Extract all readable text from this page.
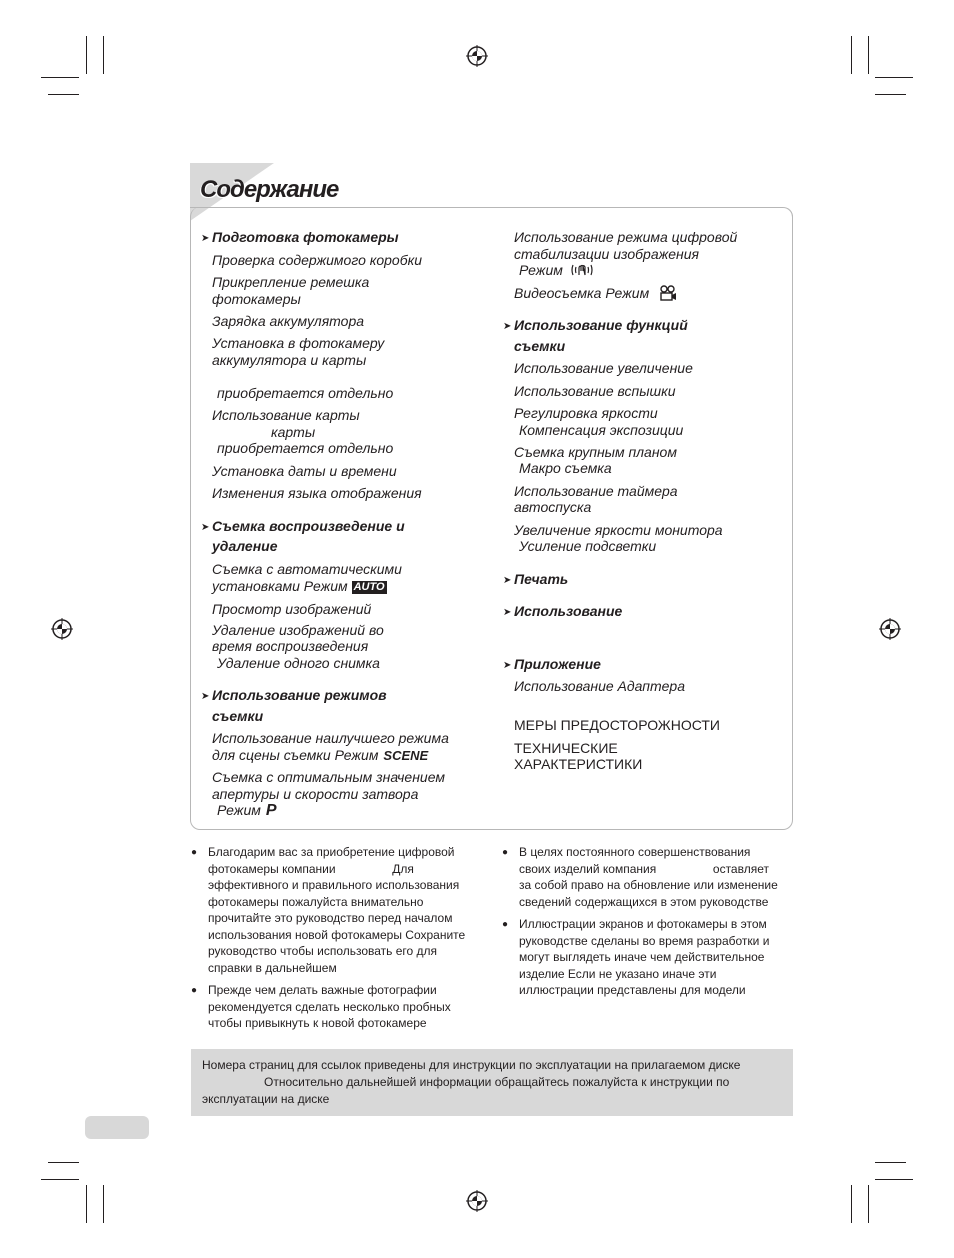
Содержание
➤ Подготовка фотокамеры
Проверка содержимого коробки
Прикрепление ремешка
фотокамеры
Зарядка аккумулятора
Установка в фотокамеру
аккумулятора и карты
приобретается отдельно
Использование карты
карты
приобретается отдельно
Установка даты и времени
Изменения языка отображения
➤ Съемка воспроизведение и
удаление
Съемка с автоматическими
установками Режим AUTO
Просмотр изображений
Удаление изображений во
время воспроизведения
Удаление одного снимка
➤ Использование режимов
съемки
Использование наилучшего режима
для сцены съемки Режим SCENE
Съемка с оптимальным значением
апертуры и скорости затвора
Режим P
Использование режима цифровой
стабилизации изображения
Режим
Видеосъемка Режим
➤ Использование функций
съемки
Использование увеличение
Использование вспышки
Регулировка яркости
Компенсация экспозиции
Съемка крупным планом
Макро съемка
Использование таймера
автоспуска
Увеличение яркости монитора
Усиление подсветки
➤ Печать
➤ Использование
➤ Приложение
Использование Адаптера
МЕРЫ ПРЕДОСТОРОЖНОСТИ
ТЕХНИЧЕСКИЕ
ХАРАКТЕРИСТИКИ
● Благодарим вас за приобретение цифровой
фотокамеры компании                 Для
эффективного и правильного использования
фотокамеры пожалуйста внимательно
прочитайте это руководство перед началом
использования новой фотокамеры Сохраните
руководство чтобы использовать его для
справки в дальнейшем
● Прежде чем делать важные фотографии
рекомендуется сделать несколько пробных
чтобы привыкнуть к новой фотокамере
● В целях постоянного совершенствования
своих изделий компания                 оставляет
за собой право на обновление или изменение
сведений содержащихся в этом руководстве
● Иллюстрации экранов и фотокамеры в этом
руководстве сделаны во время разработки и
могут выглядеть иначе чем действительное
изделие Если не указано иначе эти
иллюстрации представлены для модели
Номера страниц для ссылок приведены для инструкции по эксплуатации на прилагаемом диске
Относительно дальнейшей информации обращайтесь пожалуйста к инструкции по
эксплуатации на диске
